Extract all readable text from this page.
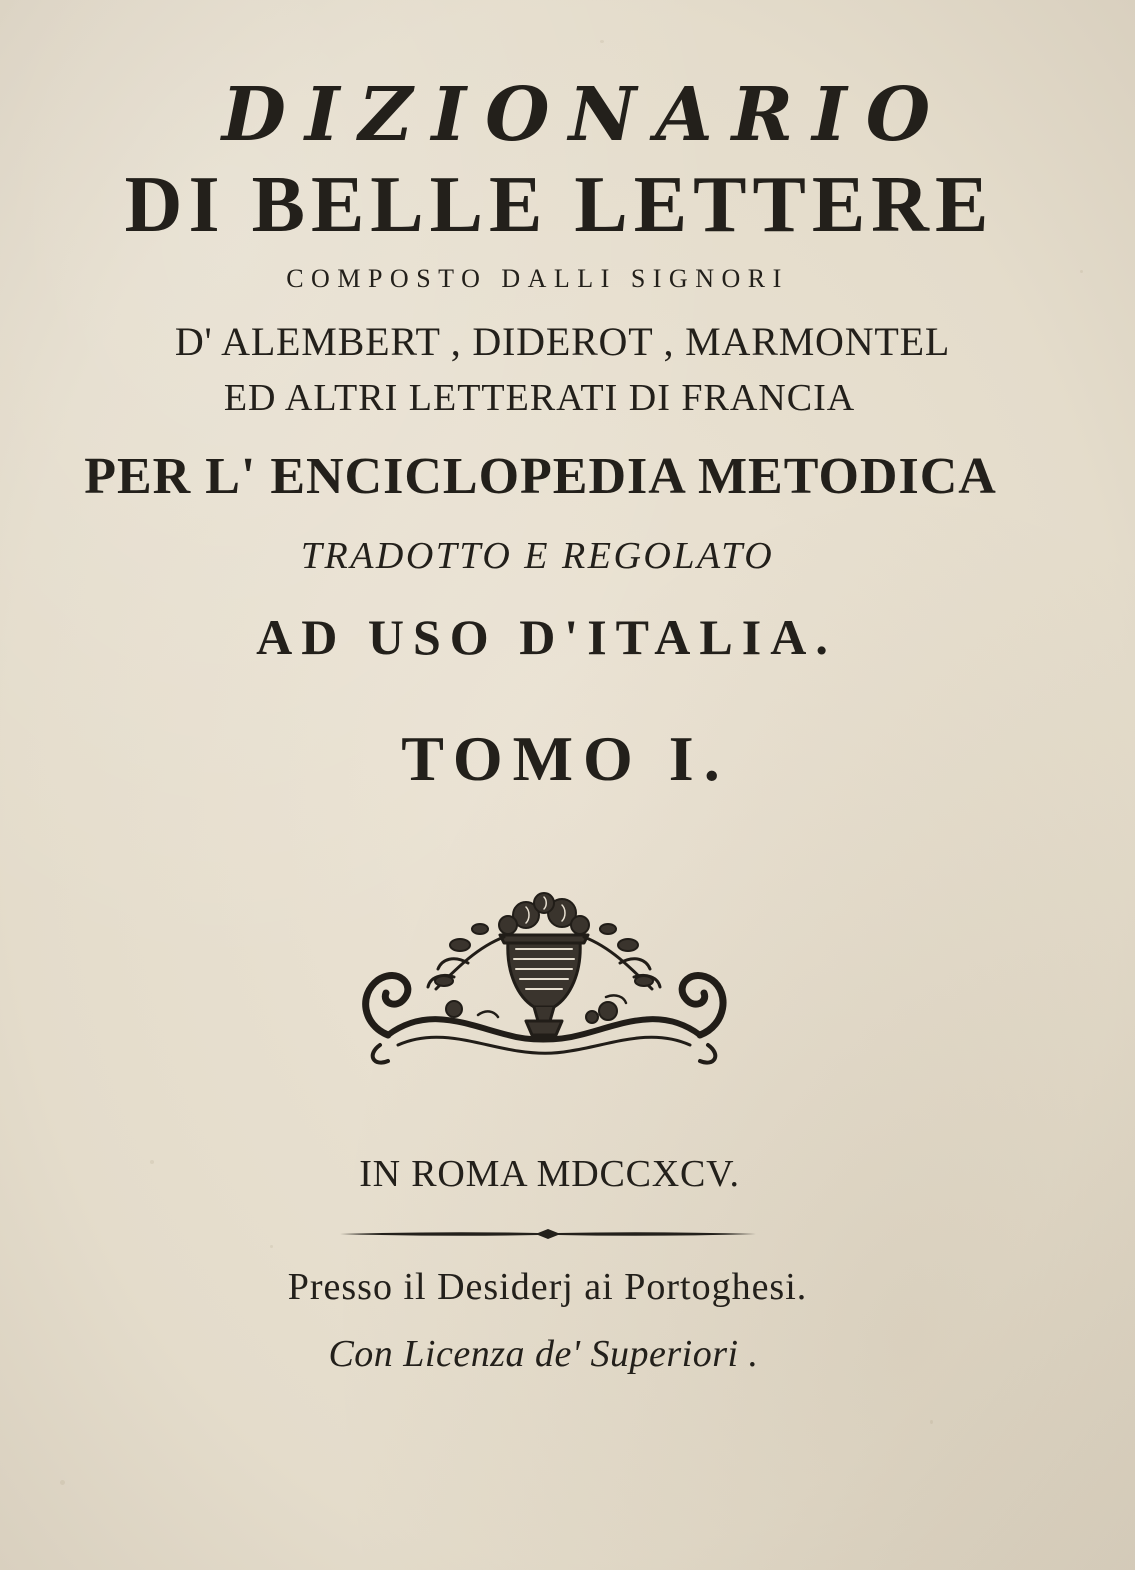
DIZIONARIO
DI BELLE LETTERE
COMPOSTO DALLI SIGNORI
D' ALEMBERT , DIDEROT , MARMONTEL
ED ALTRI LETTERATI DI FRANCIA
PER L' ENCICLOPEDIA METODICA
TRADOTTO E REGOLATO
AD USO D'ITALIA.
TOMO I.
IN ROMA MDCCXCV.
Presso il Desiderj ai Portoghesi.
Con Licenza de' Superiori .
